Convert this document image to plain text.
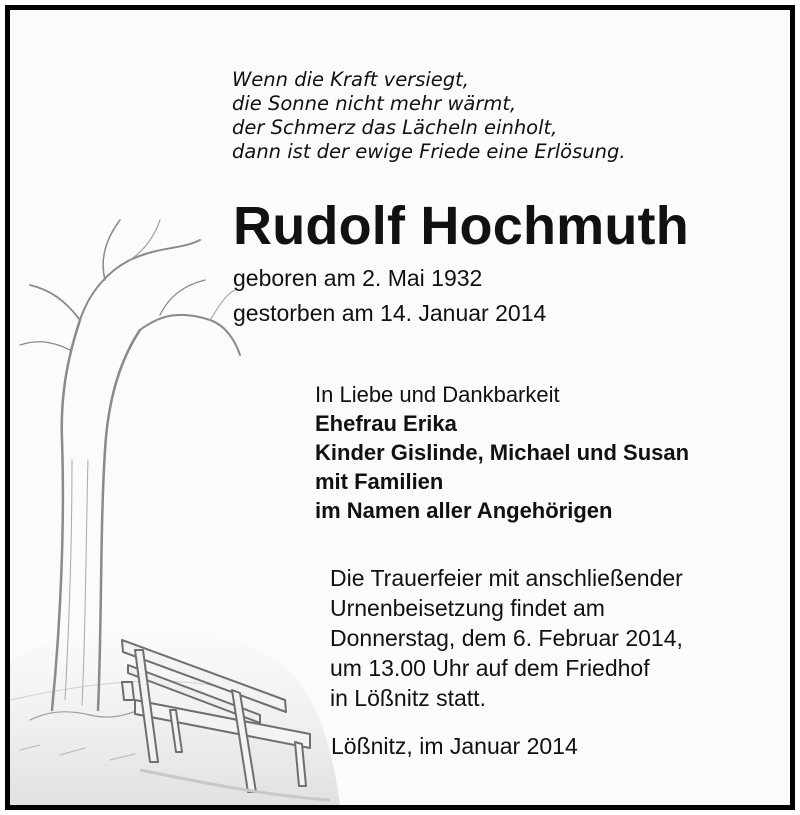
Wenn die Kraft versiegt,
die Sonne nicht mehr wärmt,
der Schmerz das Lächeln einholt,
dann ist der ewige Friede eine Erlösung.
Rudolf Hochmuth
geboren am 2. Mai 1932
gestorben am 14. Januar 2014
In Liebe und Dankbarkeit
Ehefrau Erika
Kinder Gislinde, Michael und Susan
mit Familien
im Namen aller Angehörigen
Die Trauerfeier mit anschließender
Urnenbeisetzung findet am
Donnerstag, dem 6. Februar 2014,
um 13.00 Uhr auf dem Friedhof
in Lößnitz statt.
Lößnitz, im Januar 2014
